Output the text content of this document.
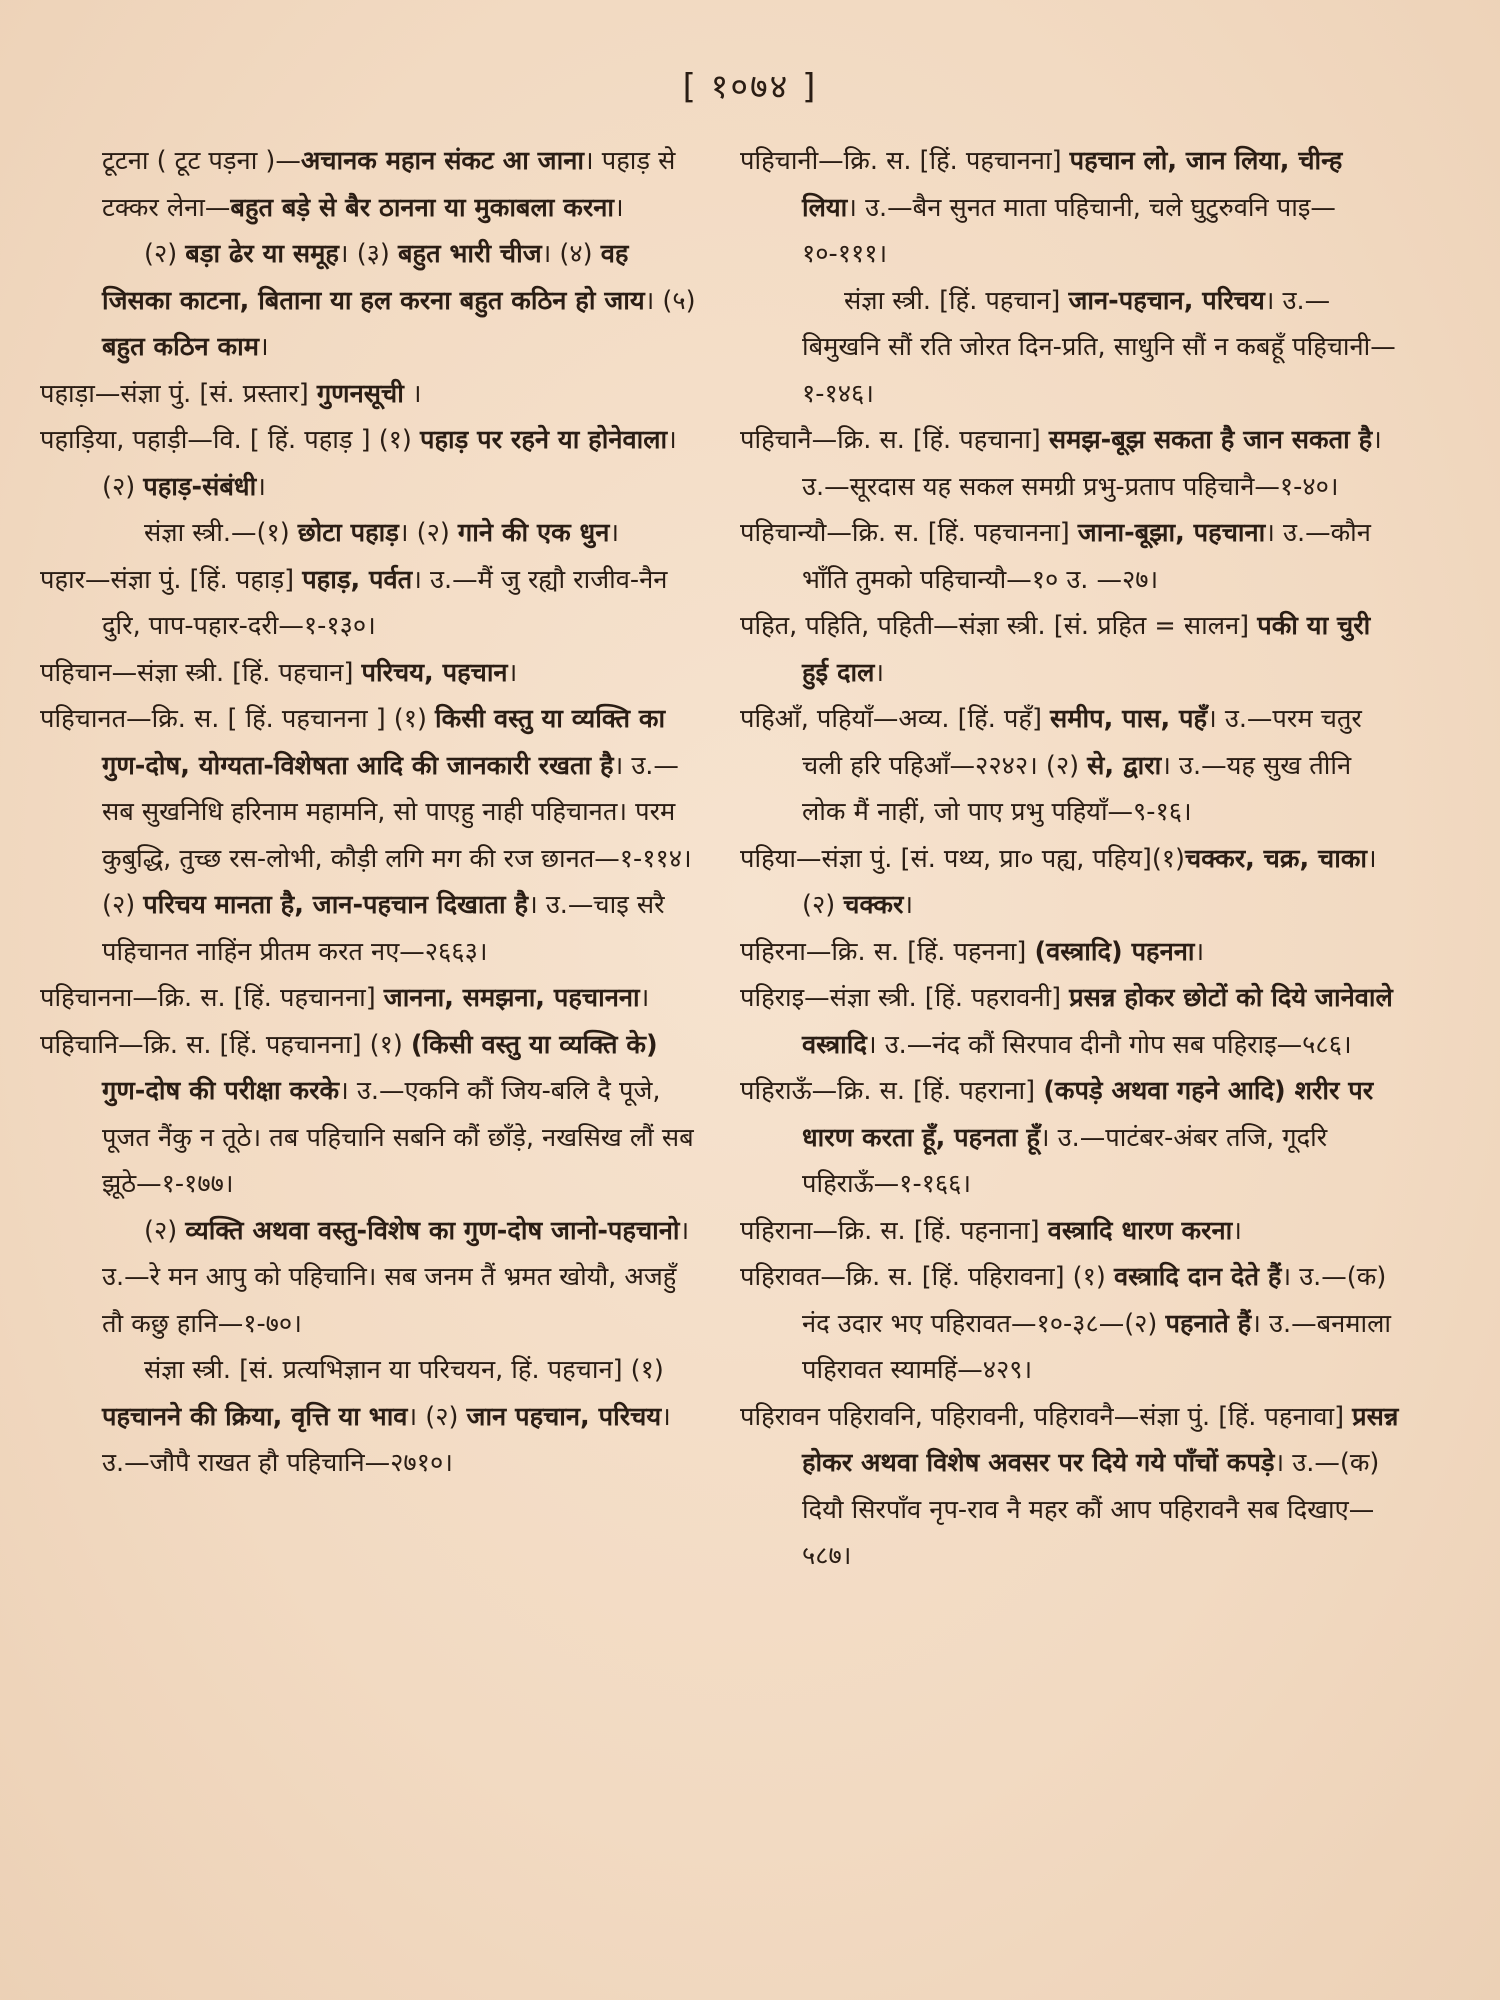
[ १०७४ ]

टूटना ( टूट पड़ना )—अचानक महान संकट आ जाना। पहाड़ से टक्कर लेना—बहुत बड़े से बैर ठानना या मुकाबला करना।

(२) बड़ा ढेर या समूह। (३) बहुत भारी चीज। (४) वह जिसका काटना, बिताना या हल करना बहुत कठिन हो जाय। (५) बहुत कठिन काम।

पहाड़ा—संज्ञा पुं. [सं. प्रस्तार] गुणनसूची ।

पहाड़िया, पहाड़ी—वि. [ हिं. पहाड़ ] (१) पहाड़ पर रहने या होनेवाला। (२) पहाड़-संबंधी।

संज्ञा स्त्री.—(१) छोटा पहाड़। (२) गाने की एक धुन।

पहार—संज्ञा पुं. [हिं. पहाड़] पहाड़, पर्वत। उ.—मैं जु रह्यौ राजीव-नैन दुरि, पाप-पहार-दरी—१-१३०।

पहिचान—संज्ञा स्त्री. [हिं. पहचान] परिचय, पहचान।

पहिचानत—क्रि. स. [ हिं. पहचानना ] (१) किसी वस्तु या व्यक्ति का गुण-दोष, योग्यता-विशेषता आदि की जानकारी रखता है। उ.—सब सुखनिधि हरिनाम महामनि, सो पाएहु नाही पहिचानत। परम कुबुद्धि, तुच्छ रस-लोभी, कौड़ी लगि मग की रज छानत—१-११४। (२) परिचय मानता है, जान-पहचान दिखाता है। उ.—चाइ सरै पहिचानत नाहिंन प्रीतम करत नए—२६६३।

पहिचानना—क्रि. स. [हिं. पहचानना] जानना, समझना, पहचानना।

पहिचानि—क्रि. स. [हिं. पहचानना] (१) (किसी वस्तु या व्यक्ति के) गुण-दोष की परीक्षा करके। उ.—एकनि कौं जिय-बलि दै पूजे, पूजत नैंकु न तूठे। तब पहिचानि सबनि कौं छाँड़े, नखसिख लौं सब झूठे—१-१७७।

(२) व्यक्ति अथवा वस्तु-विशेष का गुण-दोष जानो-पहचानो। उ.—रे मन आपु को पहिचानि। सब जनम तैं भ्रमत खोयौ, अजहुँ तौ कछु हानि—१-७०।

संज्ञा स्त्री. [सं. प्रत्यभिज्ञान या परिचयन, हिं. पहचान] (१) पहचानने की क्रिया, वृत्ति या भाव। (२) जान पहचान, परिचय। उ.—जौपै राखत हौ पहिचानि—२७१०।

पहिचानी—क्रि. स. [हिं. पहचानना] पहचान लो, जान लिया, चीन्ह लिया। उ.—बैन सुनत माता पहिचानी, चले घुटुरुवनि पाइ—१०-१११।

संज्ञा स्त्री. [हिं. पहचान] जान-पहचान, परिचय। उ.—बिमुखनि सौं रति जोरत दिन-प्रति, साधुनि सौं न कबहूँ पहिचानी—१-१४६।

पहिचानै—क्रि. स. [हिं. पहचाना] समझ-बूझ सकता है जान सकता है। उ.—सूरदास यह सकल समग्री प्रभु-प्रताप पहिचानै—१-४०।

पहिचान्यौ—क्रि. स. [हिं. पहचानना] जाना-बूझा, पहचाना। उ.—कौन भाँति तुमको पहिचान्यौ—१० उ. —२७।

पहित, पहिति, पहिती—संज्ञा स्त्री. [सं. प्रहित = सालन] पकी या चुरी हुई दाल।

पहिआँ, पहियाँ—अव्य. [हिं. पहँ] समीप, पास, पहँ। उ.—परम चतुर चली हरि पहिआँ—२२४२। (२) से, द्वारा। उ.—यह सुख तीनि लोक मैं नाहीं, जो पाए प्रभु पहियाँ—९-१६।

पहिया—संज्ञा पुं. [सं. पथ्य, प्रा० पह्य, पहिय](१)चक्कर, चक्र, चाका। (२) चक्कर।

पहिरना—क्रि. स. [हिं. पहनना] (वस्त्रादि) पहनना।

पहिराइ—संज्ञा स्त्री. [हिं. पहरावनी] प्रसन्न होकर छोटों को दिये जानेवाले वस्त्रादि। उ.—नंद कौं सिरपाव दीनौ गोप सब पहिराइ—५८६।

पहिराऊँ—क्रि. स. [हिं. पहराना] (कपड़े अथवा गहने आदि) शरीर पर धारण करता हूँ, पहनता हूँ। उ.—पाटंबर-अंबर तजि, गूदरि पहिराऊँ—१-१६६।

पहिराना—क्रि. स. [हिं. पहनाना] वस्त्रादि धारण करना।

पहिरावत—क्रि. स. [हिं. पहिरावना] (१) वस्त्रादि दान देते हैं। उ.—(क) नंद उदार भए पहिरावत—१०-३८—(२) पहनाते हैं। उ.—बनमाला पहिरावत स्यामहिं—४२९।

पहिरावन पहिरावनि, पहिरावनी, पहिरावनै—संज्ञा पुं. [हिं. पहनावा] प्रसन्न होकर अथवा विशेष अवसर पर दिये गये पाँचों कपड़े। उ.—(क) दियौ सिरपाँव नृप-राव नै महर कौं आप पहिरावनै सब दिखाए—५८७।
